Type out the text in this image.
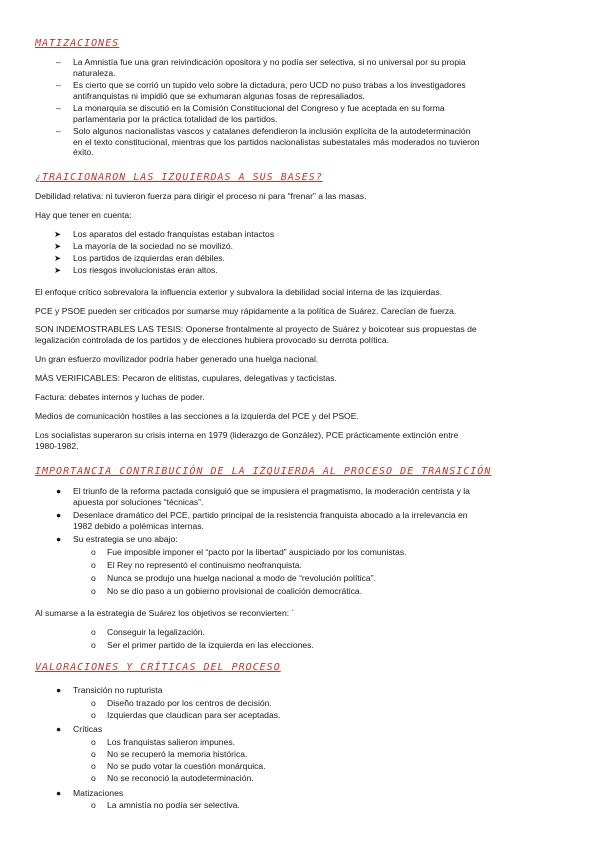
MATIZACIONES
– La Amnistía fue una gran reivindicación opositora y no podía ser selectiva, si no universal por su propia
naturaleza.
– Es cierto que se corrió un tupido velo sobre la dictadura, pero UCD no puso trabas a los investigadores
antifranquistas ni impidió que se exhumaran algunas fosas de represaliados.
– La monarquía se discutió en la Comisión Constitucional del Congreso y fue aceptada en su forma
parlamentaria por la práctica totalidad de los partidos.
– Solo algunos nacionalistas vascos y catalanes defendieron la inclusión explícita de la autodeterminación
en el texto constitucional, mientras que los partidos nacionalistas subestatales más moderados no tuvieron
éxito.
¿TRAICIONARON LAS IZQUIERDAS A SUS BASES?
Debilidad relativa: ni tuvieron fuerza para dirigir el proceso ni para “frenar” a las masas.
Hay que tener en cuenta:
➤ Los aparatos del estado franquistas estaban intactos
➤ La mayoría de la sociedad no se movilizó.
➤ Los partidos de izquierdas eran débiles.
➤ Los riesgos involucionistas eran altos.
El enfoque crítico sobrevalora la influencia exterior y subvalora la debilidad social interna de las izquierdas.
PCE y PSOE pueden ser criticados por sumarse muy rápidamente a la política de Suárez. Carecían de fuerza.
SON INDEMOSTRABLES LAS TESIS: Oponerse frontalmente al proyecto de Suárez y boicotear sus propuestas de
legalización controlada de los partidos y de elecciones hubiera provocado su derrota política.
Un gran esfuerzo movilizador podría haber generado una huelga nacional.
MÁS VERIFICABLES: Pecaron de elitistas, cupulares, delegativas y tacticistas.
Factura: debates internos y luchas de poder.
Medios de comunicación hostiles a las secciones a la izquierda del PCE y del PSOE.
Los socialistas superaron su crisis interna en 1979 (liderazgo de González), PCE prácticamente extinción entre
1980-1982.
IMPORTANCIA CONTRIBUCIÓN DE LA IZQUIERDA AL PROCESO DE TRANSICIÓN
● El triunfo de la reforma pactada consiguió que se impusiera el pragmatismo, la moderación centrista y la
apuesta por soluciones “técnicas”.
● Desenlace dramático del PCE, partido principal de la resistencia franquista abocado a la irrelevancia en
1982 debido a polémicas internas.
● Su estrategia se uno abajo:
o Fue imposible imponer el “pacto por la libertad” auspiciado por los comunistas.
o El Rey no representó el continuismo neofranquista.
o Nunca se produjo una huelga nacional a modo de “revolución política”.
o No se dio paso a un gobierno provisional de coalición democrática.
Al sumarse a la estrategia de Suárez los objetivos se reconvierten: ´
o Conseguir la legalización.
o Ser el primer partido de la izquierda en las elecciones.
VALORACIONES Y CRÍTICAS DEL PROCESO
● Transición no rupturista
o Diseño trazado por los centros de decisión.
o Izquierdas que claudican para ser aceptadas.
● Críticas
o Los franquistas salieron impunes.
o No se recuperó la memoria histórica.
o No se pudo votar la cuestión monárquica.
o No se reconoció la autodeterminación.
● Matizaciones
o La amnistía no podía ser selectiva.
